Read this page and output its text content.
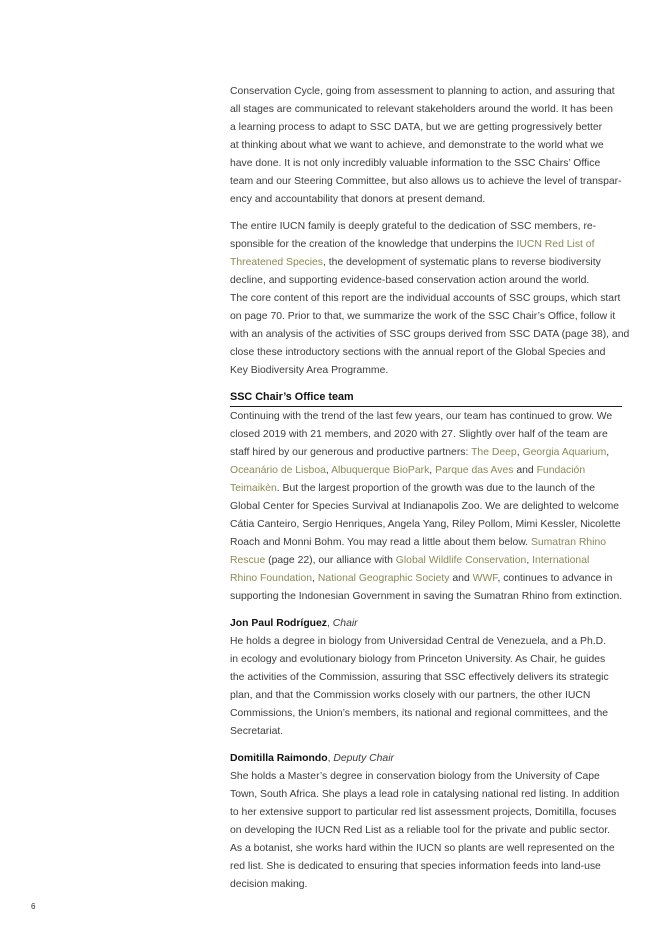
Conservation Cycle, going from assessment to planning to action, and assuring that
all stages are communicated to relevant stakeholders around the world. It has been
a learning process to adapt to SSC DATA, but we are getting progressively better
at thinking about what we want to achieve, and demonstrate to the world what we
have done. It is not only incredibly valuable information to the SSC Chairs’ Office
team and our Steering Committee, but also allows us to achieve the level of transpar-
ency and accountability that donors at present demand.
The entire IUCN family is deeply grateful to the dedication of SSC members, re-
sponsible for the creation of the knowledge that underpins the IUCN Red List of
Threatened Species, the development of systematic plans to reverse biodiversity
decline, and supporting evidence-based conservation action around the world.
The core content of this report are the individual accounts of SSC groups, which start
on page 70. Prior to that, we summarize the work of the SSC Chair’s Office, follow it
with an analysis of the activities of SSC groups derived from SSC DATA (page 38), and
close these introductory sections with the annual report of the Global Species and
Key Biodiversity Area Programme.
SSC Chair’s Office team
Continuing with the trend of the last few years, our team has continued to grow. We
closed 2019 with 21 members, and 2020 with 27. Slightly over half of the team are
staff hired by our generous and productive partners: The Deep, Georgia Aquarium,
Oceanário de Lisboa, Albuquerque BioPark, Parque das Aves and Fundación
Teimaikèn. But the largest proportion of the growth was due to the launch of the
Global Center for Species Survival at Indianapolis Zoo. We are delighted to welcome
Cátia Canteiro, Sergio Henriques, Angela Yang, Riley Pollom, Mimi Kessler, Nicolette
Roach and Monni Bohm. You may read a little about them below. Sumatran Rhino
Rescue (page 22), our alliance with Global Wildlife Conservation, International
Rhino Foundation, National Geographic Society and WWF, continues to advance in
supporting the Indonesian Government in saving the Sumatran Rhino from extinction.
Jon Paul Rodríguez, Chair
He holds a degree in biology from Universidad Central de Venezuela, and a Ph.D.
in ecology and evolutionary biology from Princeton University. As Chair, he guides
the activities of the Commission, assuring that SSC effectively delivers its strategic
plan, and that the Commission works closely with our partners, the other IUCN
Commissions, the Union’s members, its national and regional committees, and the
Secretariat.
Domitilla Raimondo, Deputy Chair
She holds a Master’s degree in conservation biology from the University of Cape
Town, South Africa. She plays a lead role in catalysing national red listing. In addition
to her extensive support to particular red list assessment projects, Domitilla, focuses
on developing the IUCN Red List as a reliable tool for the private and public sector.
As a botanist, she works hard within the IUCN so plants are well represented on the
red list. She is dedicated to ensuring that species information feeds into land-use
decision making.
6
